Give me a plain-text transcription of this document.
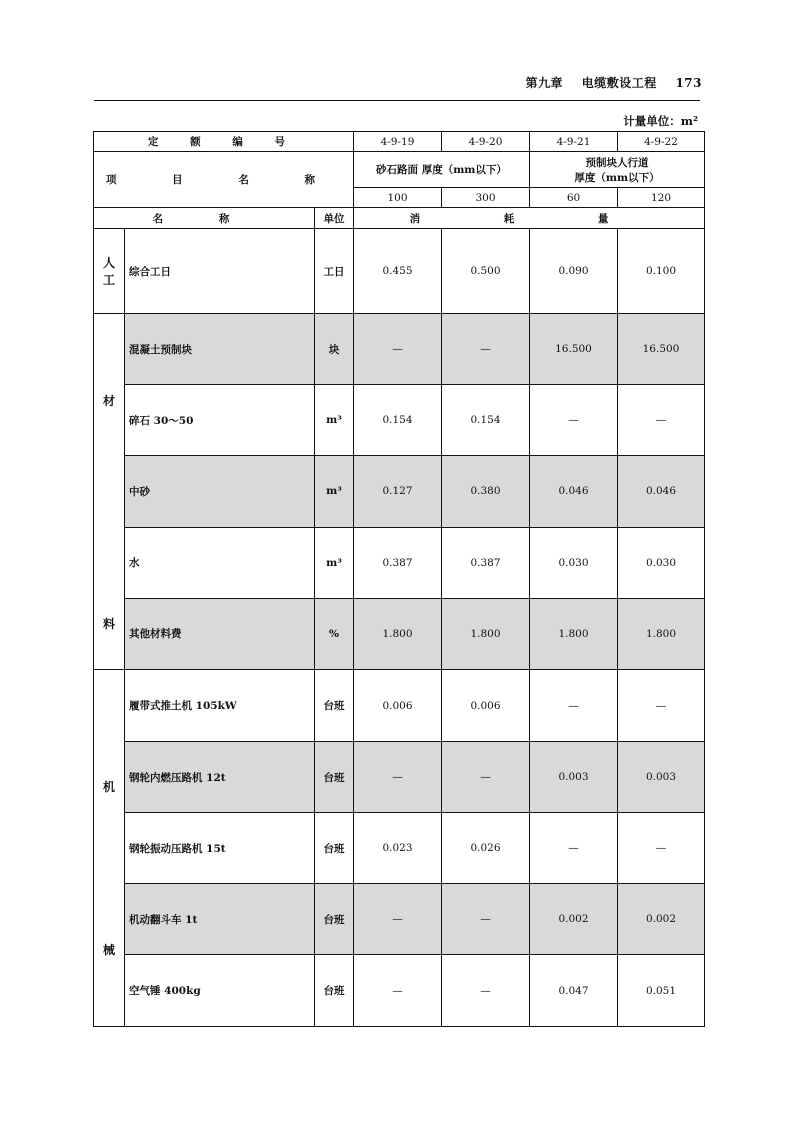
第九章 电缆敷设工程 173
计量单位：m²
定 额 编 号			4-9-19	4-9-20	4-9-21	4-9-22
项 目 名 称			砂石路面 厚度（mm以下）		预制块人行道
厚度（mm以下）	

			100	300	60	120
名 称		单位	消 耗 量			

人
工	综合工日	工日	0.455	0.500	0.090	0.100

材
料	混凝土预制块	块	—	—	16.500	16.500
	碎石 30～50	m³	0.154	0.154	—	—
	中砂	m³	0.127	0.380	0.046	0.046
	水	m³	0.387	0.387	0.030	0.030
	其他材料费	%	1.800	1.800	1.800	1.800

机
械	履带式推土机 105kW	台班	0.006	0.006	—	—
	钢轮内燃压路机 12t	台班	—	—	0.003	0.003
	钢轮振动压路机 15t	台班	0.023	0.026	—	—
	机动翻斗车 1t	台班	—	—	0.002	0.002
	空气锤 400kg	台班	—	—	0.047	0.051
